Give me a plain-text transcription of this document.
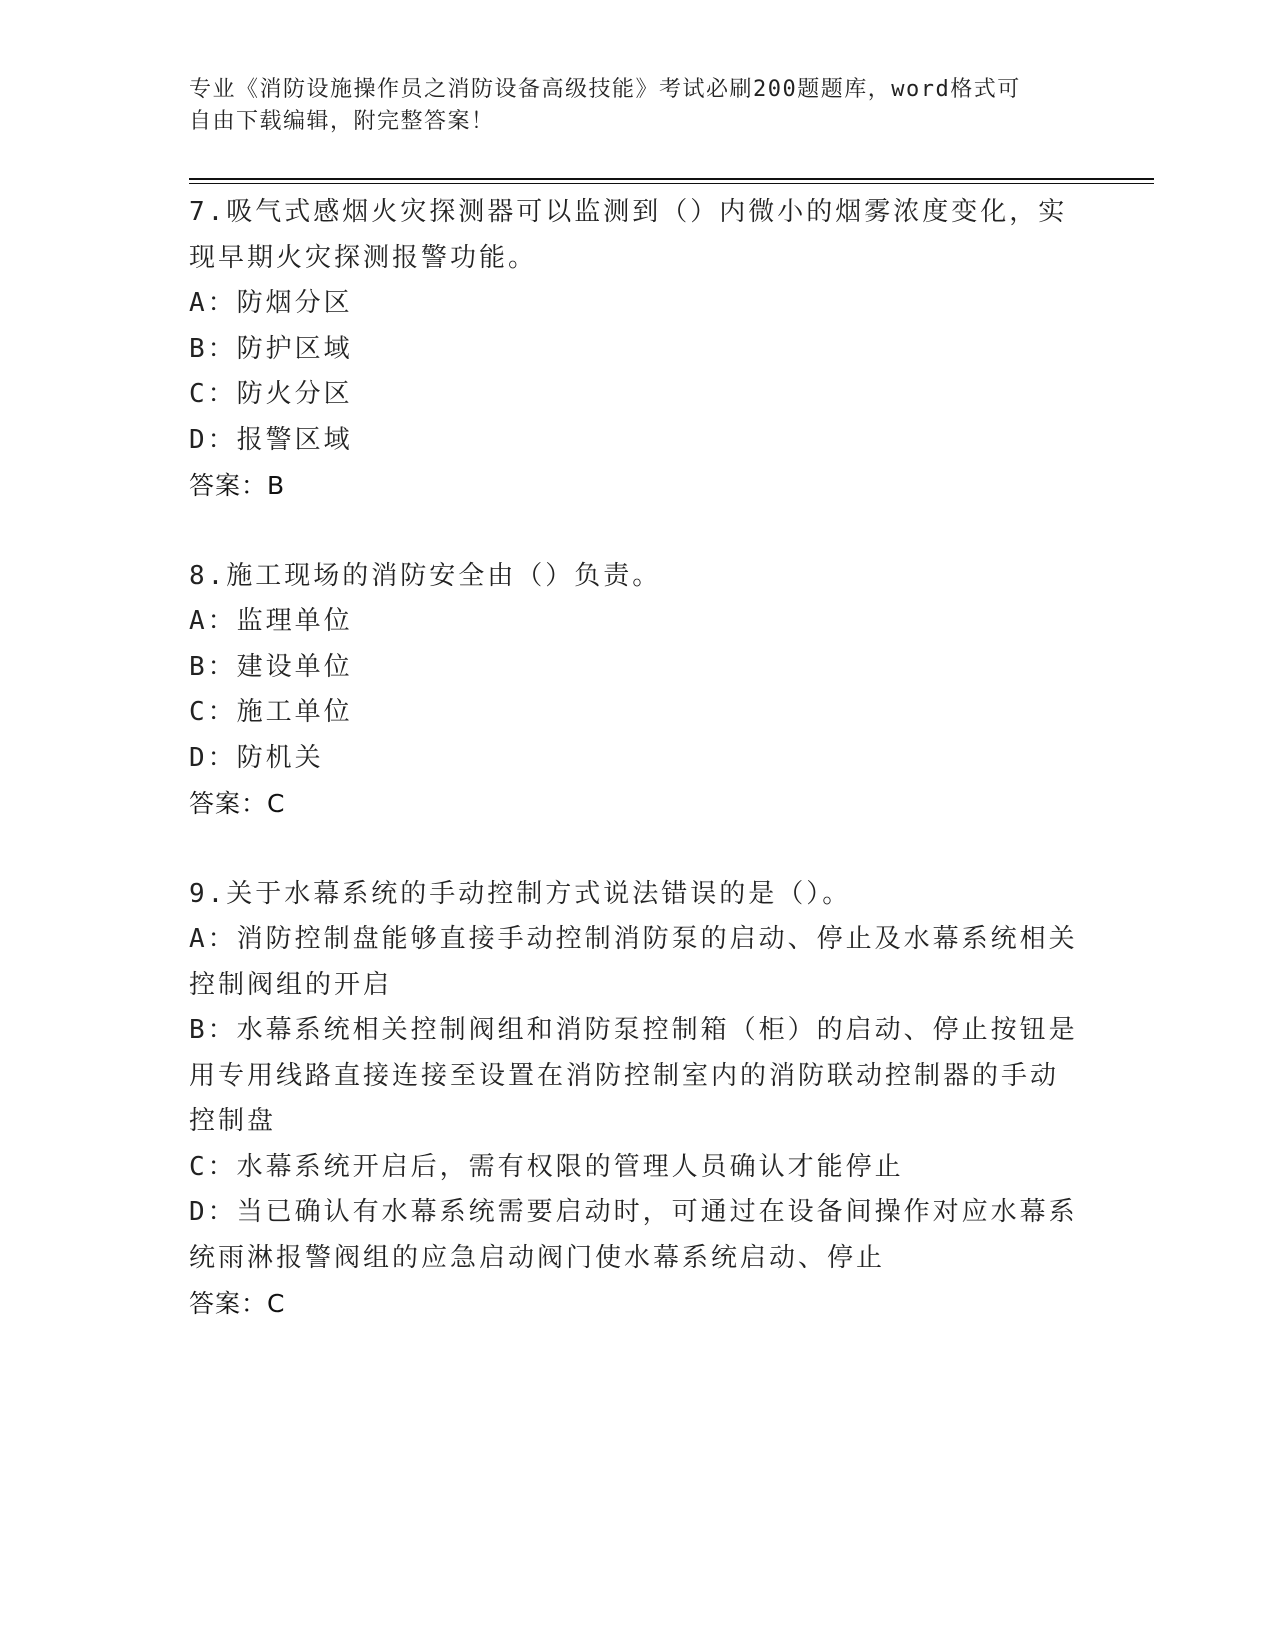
专业《消防设施操作员之消防设备高级技能》考试必刷200题题库，word格式可
自由下载编辑，附完整答案！
7.吸气式感烟火灾探测器可以监测到（）内微小的烟雾浓度变化，实
现早期火灾探测报警功能。
A：防烟分区
B：防护区域
C：防火分区
D：报警区域
答案：B
8.施工现场的消防安全由（）负责。
A：监理单位
B：建设单位
C：施工单位
D：防机关
答案：C
9.关于水幕系统的手动控制方式说法错误的是（）。
A：消防控制盘能够直接手动控制消防泵的启动、停止及水幕系统相关
控制阀组的开启
B：水幕系统相关控制阀组和消防泵控制箱（柜）的启动、停止按钮是
用专用线路直接连接至设置在消防控制室内的消防联动控制器的手动
控制盘
C：水幕系统开启后，需有权限的管理人员确认才能停止
D：当已确认有水幕系统需要启动时，可通过在设备间操作对应水幕系
统雨淋报警阀组的应急启动阀门使水幕系统启动、停止
答案：C
